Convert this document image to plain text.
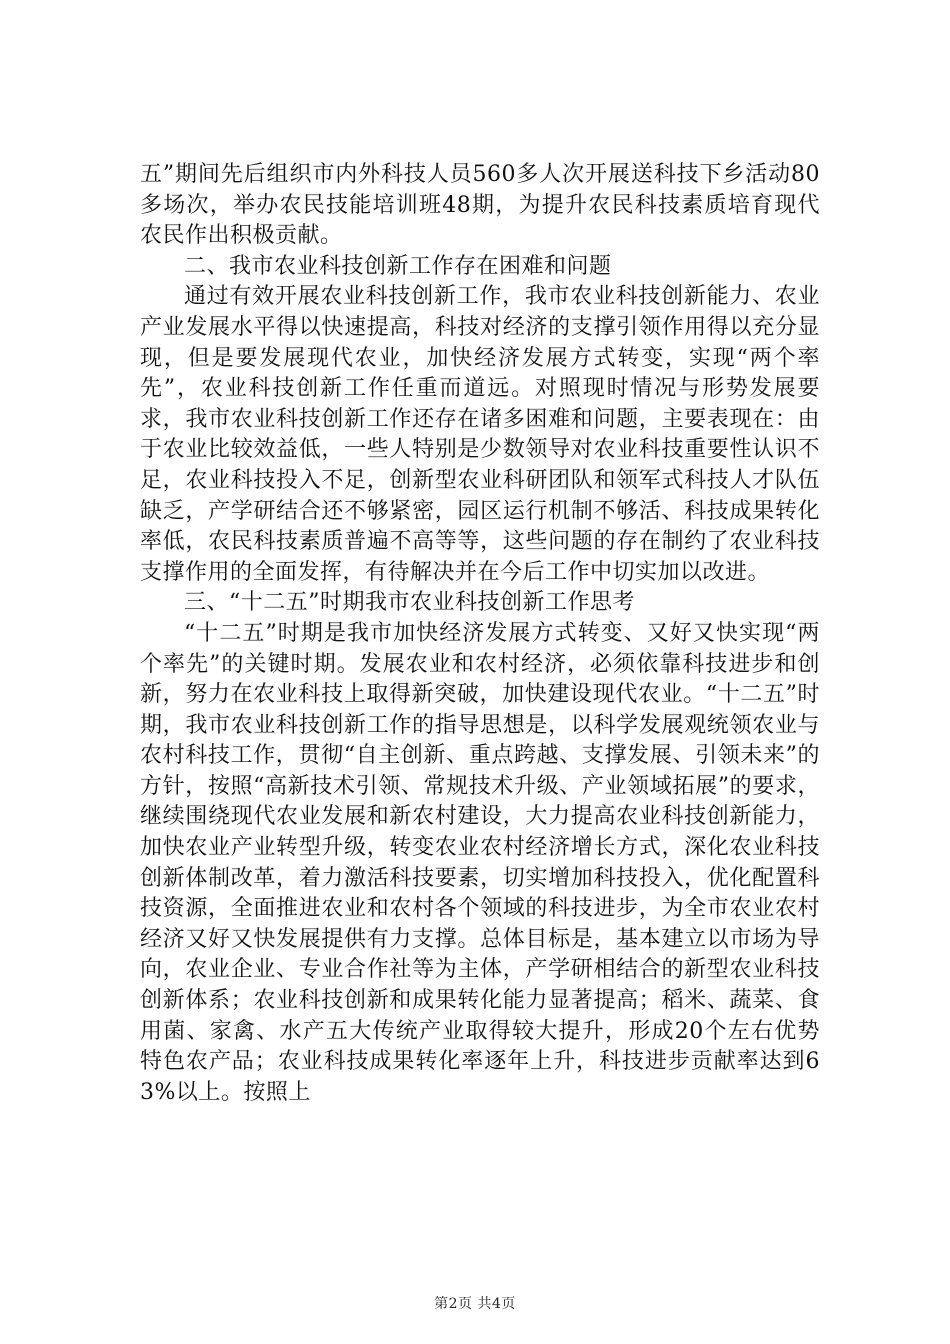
五”期间先后组织市内外科技人员560多人次开展送科技下乡活动80多场次，举办农民技能培训班48期，为提升农民科技素质培育现代农民作出积极贡献。

二、我市农业科技创新工作存在困难和问题

通过有效开展农业科技创新工作，我市农业科技创新能力、农业产业发展水平得以快速提高，科技对经济的支撑引领作用得以充分显现，但是要发展现代农业，加快经济发展方式转变，实现“两个率先”，农业科技创新工作任重而道远。对照现时情况与形势发展要求，我市农业科技创新工作还存在诸多困难和问题，主要表现在：由于农业比较效益低，一些人特别是少数领导对农业科技重要性认识不足，农业科技投入不足，创新型农业科研团队和领军式科技人才队伍缺乏，产学研结合还不够紧密，园区运行机制不够活、科技成果转化率低，农民科技素质普遍不高等等，这些问题的存在制约了农业科技支撑作用的全面发挥，有待解决并在今后工作中切实加以改进。

三、“十二五”时期我市农业科技创新工作思考

“十二五”时期是我市加快经济发展方式转变、又好又快实现“两个率先”的关键时期。发展农业和农村经济，必须依靠科技进步和创新，努力在农业科技上取得新突破，加快建设现代农业。“十二五”时期，我市农业科技创新工作的指导思想是，以科学发展观统领农业与农村科技工作，贯彻“自主创新、重点跨越、支撑发展、引领未来”的方针，按照“高新技术引领、常规技术升级、产业领域拓展”的要求，继续围绕现代农业发展和新农村建设，大力提高农业科技创新能力，加快农业产业转型升级，转变农业农村经济增长方式，深化农业科技创新体制改革，着力激活科技要素，切实增加科技投入，优化配置科技资源，全面推进农业和农村各个领域的科技进步，为全市农业农村经济又好又快发展提供有力支撑。总体目标是，基本建立以市场为导向，农业企业、专业合作社等为主体，产学研相结合的新型农业科技创新体系；农业科技创新和成果转化能力显著提高；稻米、蔬菜、食用菌、家禽、水产五大传统产业取得较大提升，形成20个左右优势特色农产品；农业科技成果转化率逐年上升，科技进步贡献率达到63%以上。按照上

第2页 共4页
